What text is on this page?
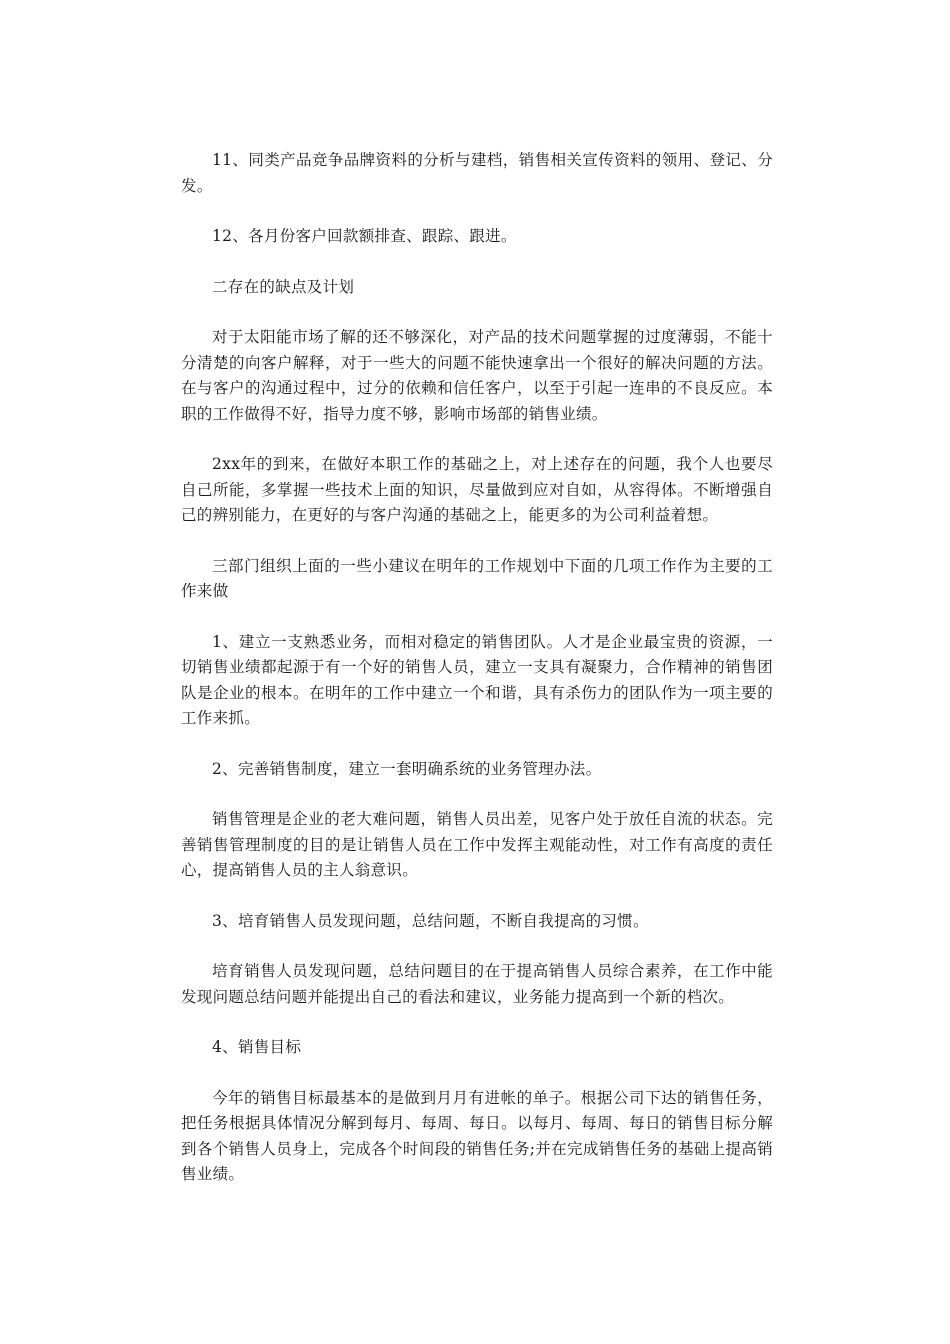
11、同类产品竞争品牌资料的分析与建档，销售相关宣传资料的领用、登记、分发。

12、各月份客户回款额排查、跟踪、跟进。

二存在的缺点及计划

对于太阳能市场了解的还不够深化，对产品的技术问题掌握的过度薄弱，不能十分清楚的向客户解释，对于一些大的问题不能快速拿出一个很好的解决问题的方法。在与客户的沟通过程中，过分的依赖和信任客户，以至于引起一连串的不良反应。本职的工作做得不好，指导力度不够，影响市场部的销售业绩。

2xx年的到来，在做好本职工作的基础之上，对上述存在的问题，我个人也要尽自己所能，多掌握一些技术上面的知识，尽量做到应对自如，从容得体。不断增强自己的辨别能力，在更好的与客户沟通的基础之上，能更多的为公司利益着想。

三部门组织上面的一些小建议在明年的工作规划中下面的几项工作作为主要的工作来做

1、建立一支熟悉业务，而相对稳定的销售团队。人才是企业最宝贵的资源，一切销售业绩都起源于有一个好的销售人员，建立一支具有凝聚力，合作精神的销售团队是企业的根本。在明年的工作中建立一个和谐，具有杀伤力的团队作为一项主要的工作来抓。

2、完善销售制度，建立一套明确系统的业务管理办法。

销售管理是企业的老大难问题，销售人员出差，见客户处于放任自流的状态。完善销售管理制度的目的是让销售人员在工作中发挥主观能动性，对工作有高度的责任心，提高销售人员的主人翁意识。

3、培育销售人员发现问题，总结问题，不断自我提高的习惯。

培育销售人员发现问题，总结问题目的在于提高销售人员综合素养，在工作中能发现问题总结问题并能提出自己的看法和建议，业务能力提高到一个新的档次。

4、销售目标

今年的销售目标最基本的是做到月月有进帐的单子。根据公司下达的销售任务，把任务根据具体情况分解到每月、每周、每日。以每月、每周、每日的销售目标分解到各个销售人员身上，完成各个时间段的销售任务;并在完成销售任务的基础上提高销售业绩。
